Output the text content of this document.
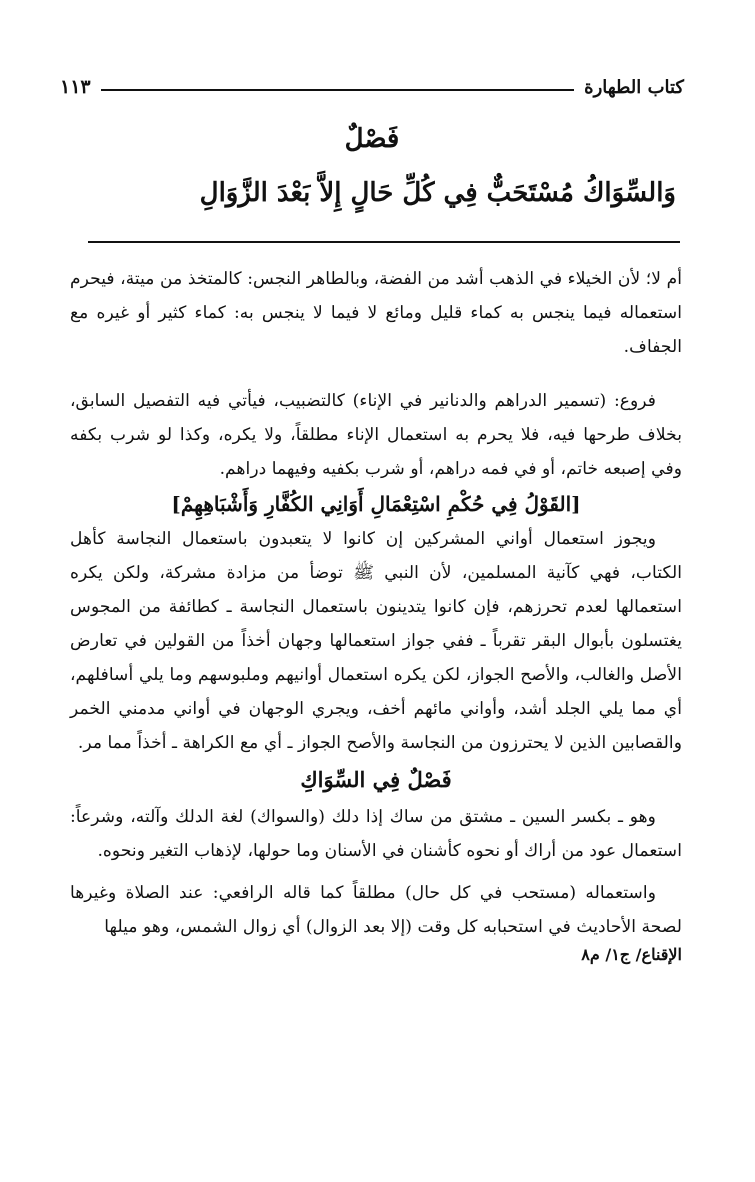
١١٣	كتاب الطهارة
فَصْلٌ
وَالسِّوَاكُ مُسْتَحَبٌّ فِي كُلِّ حَالٍ إِلاَّ بَعْدَ الزَّوَالِ

أم لا؛ لأن الخيلاء في الذهب أشد من الفضة، وبالطاهر النجس: كالمتخذ من ميتة، فيحرم استعماله فيما ينجس به كماء قليل ومائع لا فيما لا ينجس به: كماء كثير أو غيره مع الجفاف.

فروع: (تسمير الدراهم والدنانير في الإناء) كالتضبيب، فيأتي فيه التفصيل السابق، بخلاف طرحها فيه، فلا يحرم به استعمال الإناء مطلقاً، ولا يكره، وكذا لو شرب بكفه وفي إصبعه خاتم، أو في فمه دراهم، أو شرب بكفيه وفيهما دراهم.

[القَوْلُ فِي حُكْمِ اسْتِعْمَالِ أَوَانِي الكُفَّارِ وَأَشْبَاهِهِمْ]

ويجوز استعمال أواني المشركين إن كانوا لا يتعبدون باستعمال النجاسة كأهل الكتاب، فهي كآنية المسلمين، لأن النبي ﷺ توضأ من مزادة مشركة، ولكن يكره استعمالها لعدم تحرزهم، فإن كانوا يتدينون باستعمال النجاسة ـ كطائفة من المجوس يغتسلون بأبوال البقر تقرباً ـ ففي جواز استعمالها وجهان أخذاً من القولين في تعارض الأصل والغالب، والأصح الجواز، لكن يكره استعمال أوانيهم وملبوسهم وما يلي أسافلهم، أي مما يلي الجلد أشد، وأواني مائهم أخف، ويجري الوجهان في أواني مدمني الخمر والقصابين الذين لا يحترزون من النجاسة والأصح الجواز ـ أي مع الكراهة ـ أخذاً مما مر.

فَصْلٌ فِي السِّوَاكِ

وهو ـ بكسر السين ـ مشتق من ساك إذا دلك (والسواك) لغة الدلك وآلته، وشرعاً: استعمال عود من أراك أو نحوه كأشنان في الأسنان وما حولها، لإذهاب التغير ونحوه.

واستعماله (مستحب في كل حال) مطلقاً كما قاله الرافعي: عند الصلاة وغيرها لصحة الأحاديث في استحبابه كل وقت (إلا بعد الزوال) أي زوال الشمس، وهو ميلها

الإقناع/ ج١/ م٨
